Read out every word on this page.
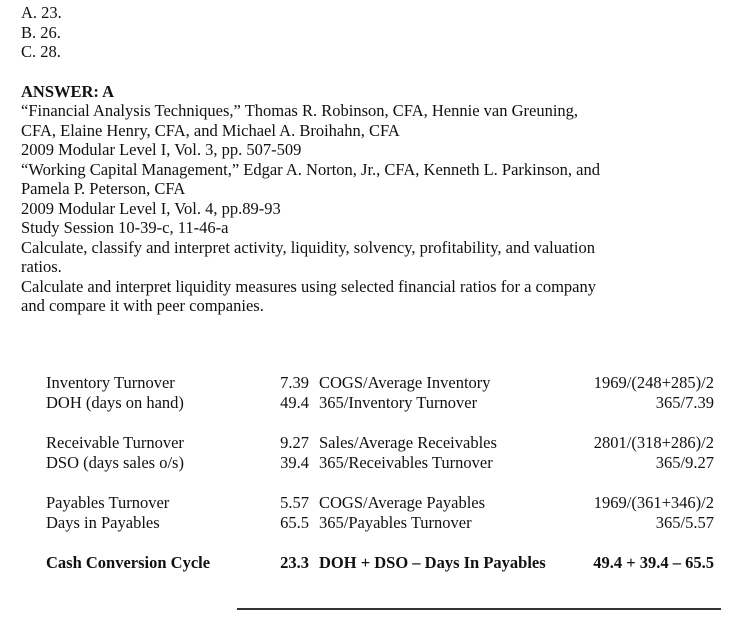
A. 23.
B. 26.
C. 28.
ANSWER: A
“Financial Analysis Techniques,” Thomas R. Robinson, CFA, Hennie van Greuning,
CFA, Elaine Henry, CFA, and Michael A. Broihahn, CFA
2009 Modular Level I, Vol. 3, pp. 507-509
“Working Capital Management,” Edgar A. Norton, Jr., CFA, Kenneth L. Parkinson, and
Pamela P. Peterson, CFA
2009 Modular Level I, Vol. 4, pp.89-93
Study Session 10-39-c, 11-46-a
Calculate, classify and interpret activity, liquidity, solvency, profitability, and valuation
ratios.
Calculate and interpret liquidity measures using selected financial ratios for a company
and compare it with peer companies.
Inventory Turnover	7.39	COGS/Average Inventory	1969/(248+285)/2
DOH (days on hand)	49.4	365/Inventory Turnover	365/7.39

Receivable Turnover	9.27	Sales/Average Receivables	2801/(318+286)/2
DSO (days sales o/s)	39.4	365/Receivables Turnover	365/9.27

Payables Turnover	5.57	COGS/Average Payables	1969/(361+346)/2
Days in Payables	65.5	365/Payables Turnover	365/5.57

Cash Conversion Cycle	23.3	DOH + DSO – Days In Payables	49.4 + 39.4 – 65.5
